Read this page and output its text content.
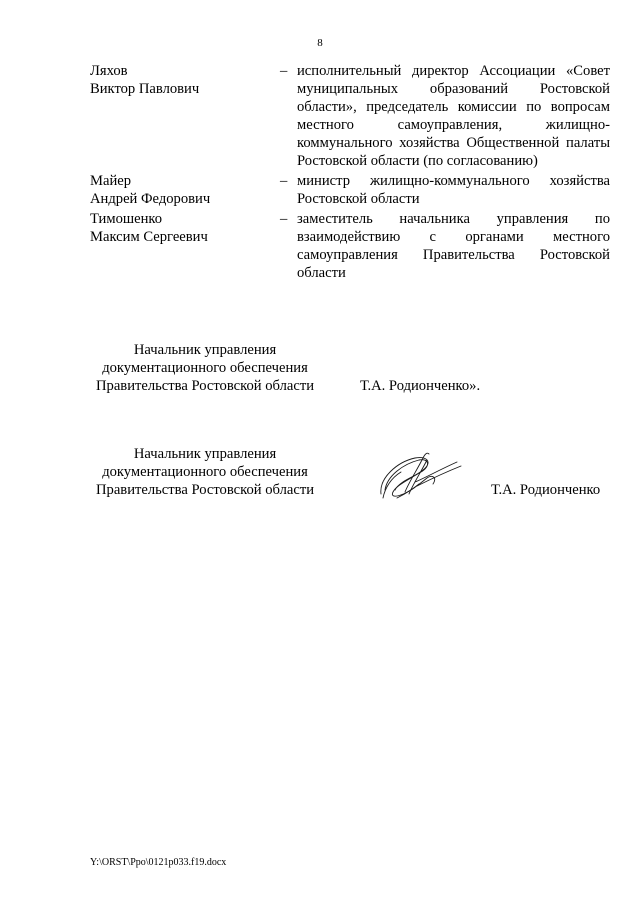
8
Ляхов
Виктор Павлович
– исполнительный директор Ассоциации «Совет муниципальных образований Ростовской области», председатель комиссии по вопросам местного самоуправления, жилищно-коммунального хозяйства Общественной палаты Ростовской области (по согласованию)
Майер
Андрей Федорович
– министр жилищно-коммунального хозяйства Ростовской области
Тимошенко
Максим Сергеевич
– заместитель начальника управления по взаимодействию с органами местного самоуправления Правительства Ростовской области
Начальник управления
документационного обеспечения
Правительства Ростовской области	Т.А. Родионченко».
Начальник управления
документационного обеспечения
Правительства Ростовской области	Т.А. Родионченко
Y:\ORST\Ppo\0121p033.f19.docx
